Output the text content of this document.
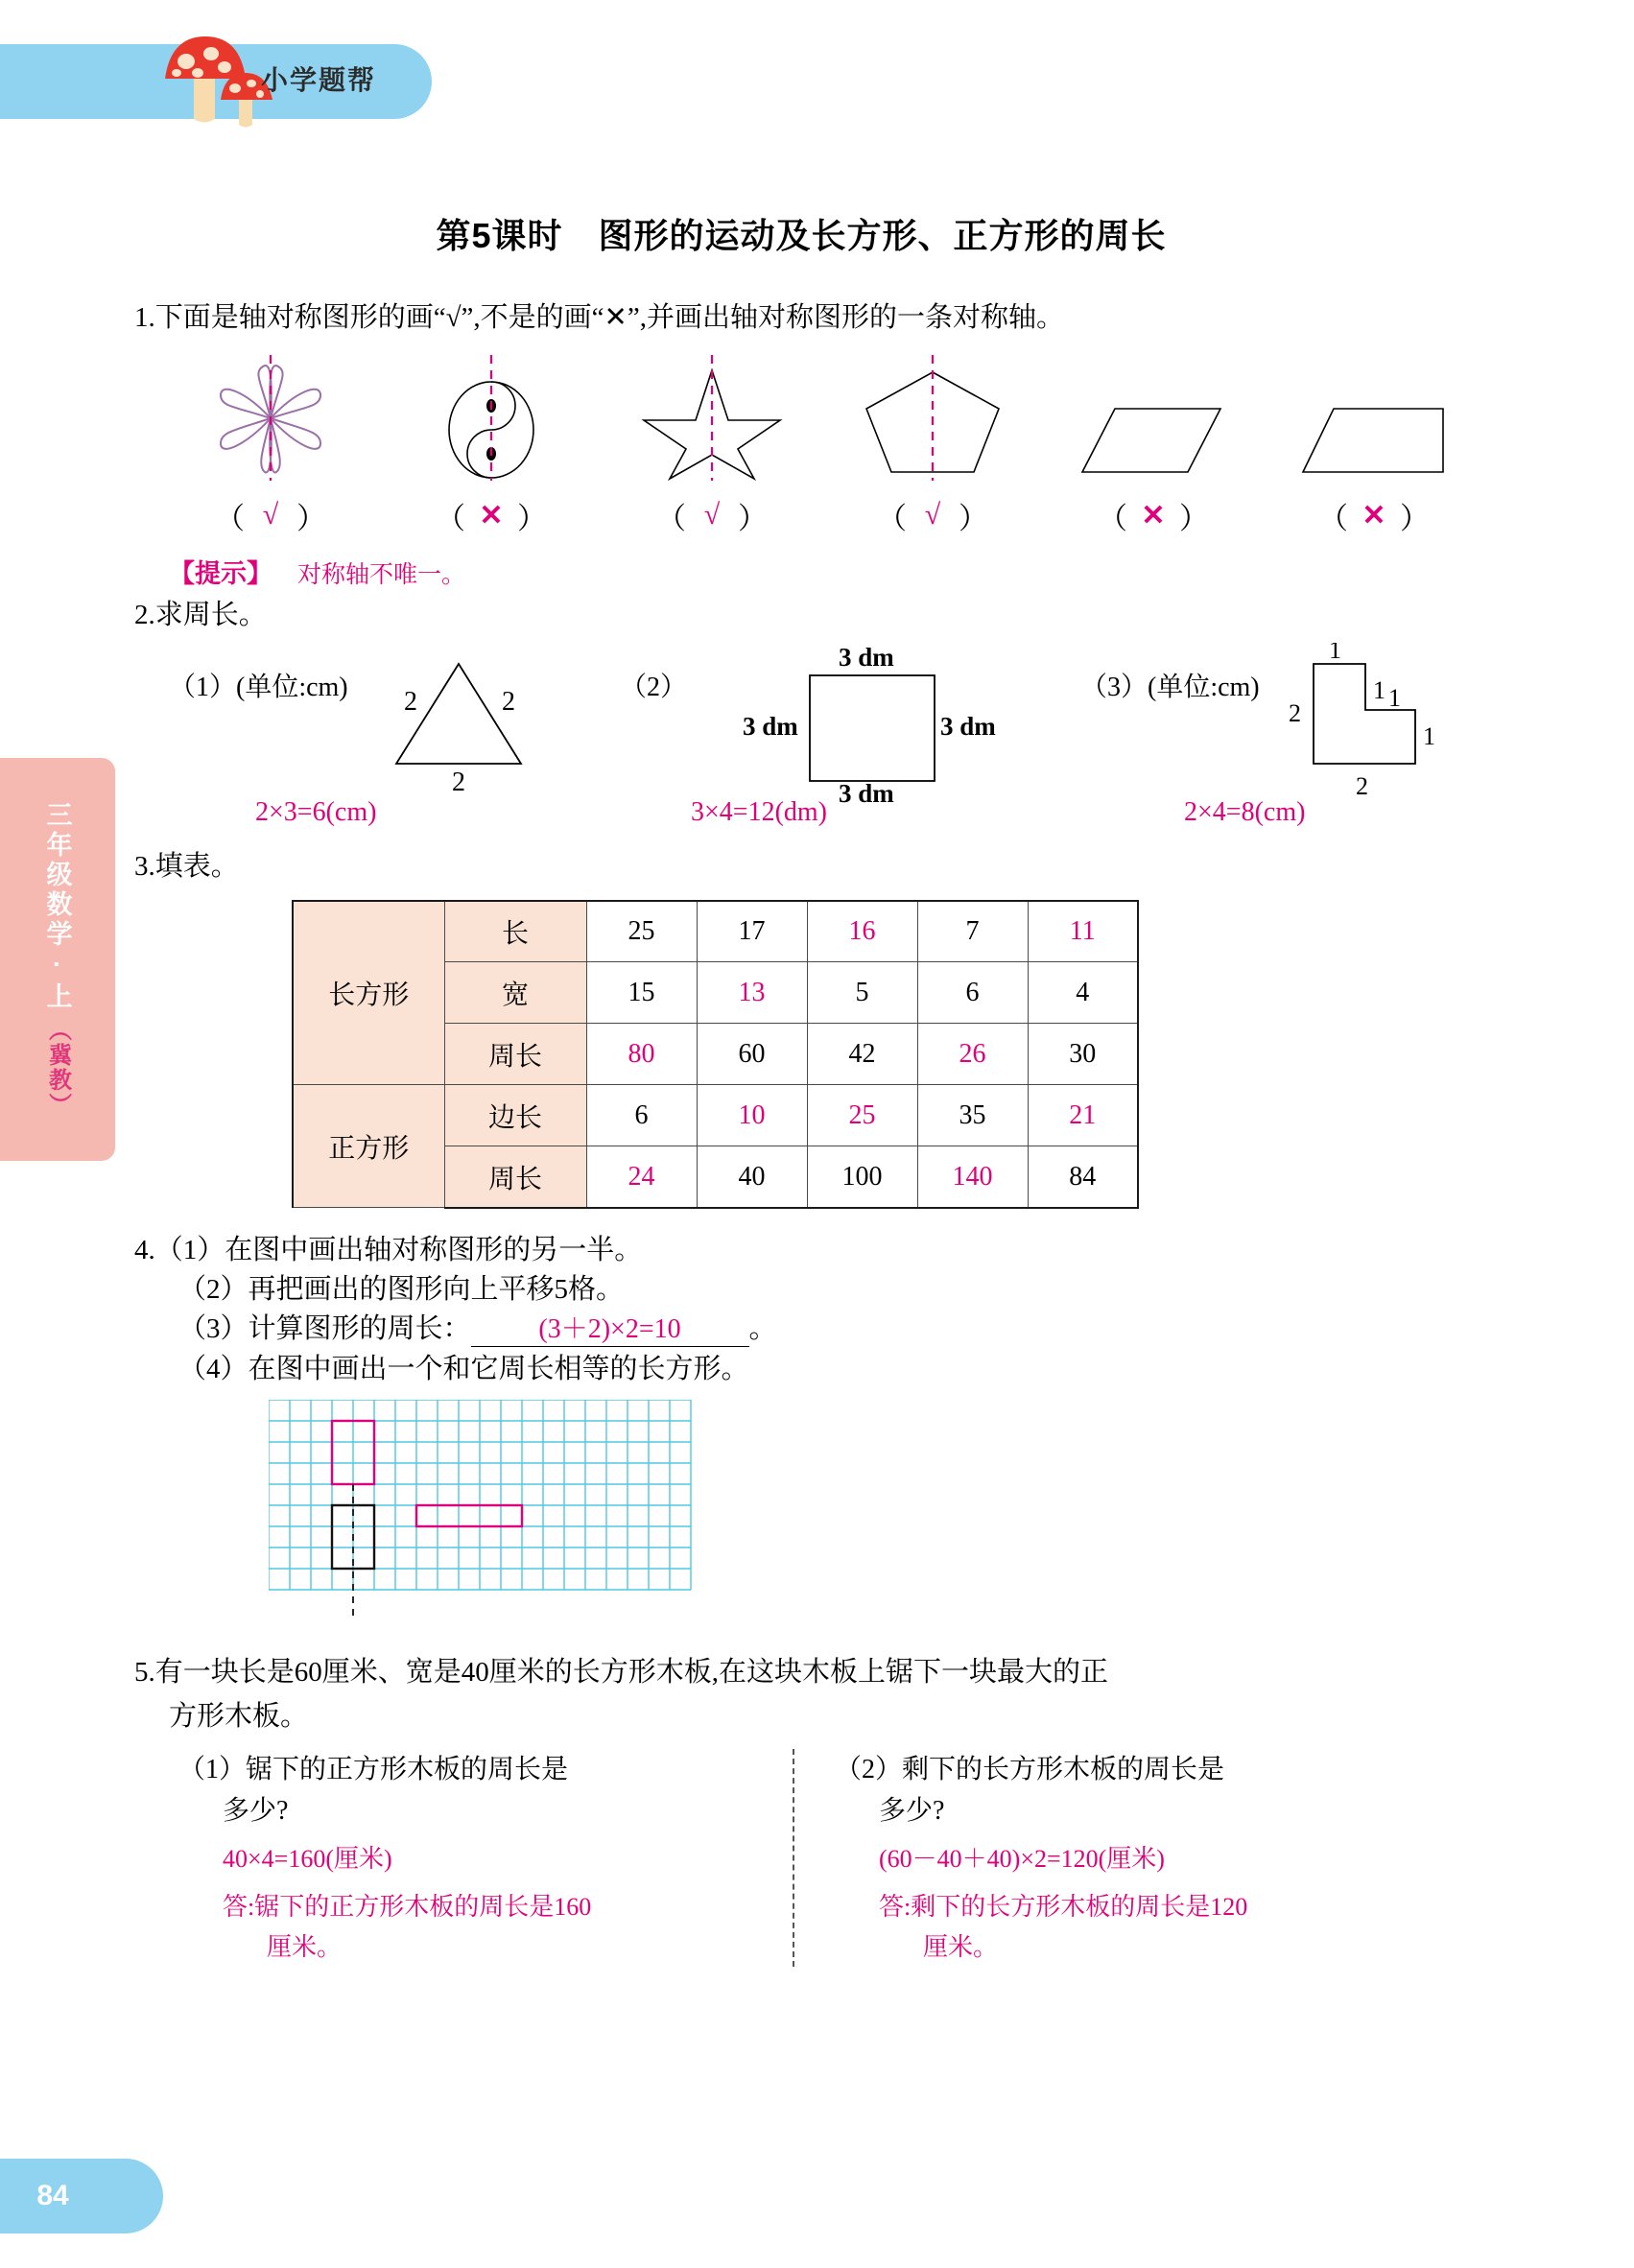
小学题帮
三年级数学·上
（冀教）
84
第5课时　图形的运动及长方形、正方形的周长
1.下面是轴对称图形的画“√”,不是的画“✕”,并画出轴对称图形的一条对称轴。
（ √ ）	（ ✕ ）	（ √ ）	（ √ ）	（ ✕ ）	（ ✕ ）
【提示】 对称轴不唯一。
2.求周长。
（1）(单位:cm) 2	2
2
（2）
3 dm
3 dm	3 dm
3 dm
（3）(单位:cm)
1
1 1
2
1
2
2×3=6(cm)	3×4=12(dm)	2×4=8(cm)
3.填表。
长方形	长	25	17	16	7	11
	宽	15	13	5	6	4
	周长	80	60	42	26	30
正方形	边长	6	10	25	35	21
	周长	24	40	100	140	84
4.（1）在图中画出轴对称图形的另一半。
（2）再把画出的图形向上平移5格。
（3）计算图形的周长：	(3＋2)×2=10 。
（4）在图中画出一个和它周长相等的长方形。
5.有一块长是60厘米、宽是40厘米的长方形木板,在这块木板上锯下一块最大的正
方形木板。
（1）锯下的正方形木板的周长是
多少?
40×4=160(厘米)
答:锯下的正方形木板的周长是160
厘米。
（2）剩下的长方形木板的周长是
多少?
(60－40＋40)×2=120(厘米)
答:剩下的长方形木板的周长是120
厘米。
